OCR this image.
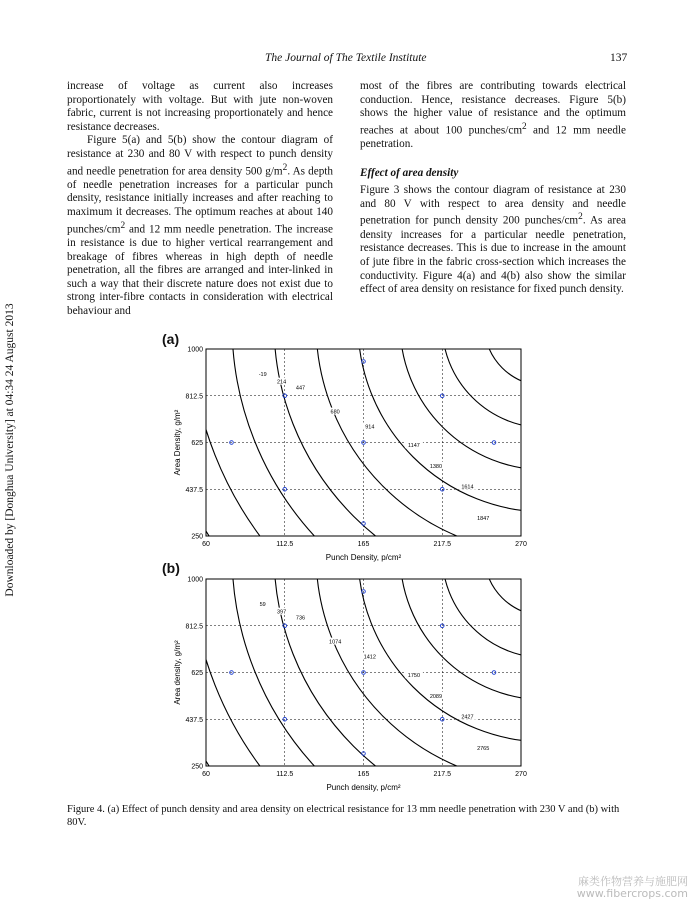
The Journal of The Textile Institute	137
Downloaded by [Donghua University] at 04:34 24 August 2013

increase of voltage as current also increases proportionately with voltage. But with jute non-woven fabric, current is not increasing proportionately and hence resistance decreases.

Figure 5(a) and 5(b) show the contour diagram of resistance at 230 and 80 V with respect to punch density and needle penetration for area density 500 $g/m^2$. As depth of needle penetration increases for a particular punch density, resistance initially increases and after reaching to maximum it decreases. The optimum reaches at about 140 punches/$cm^2$ and 12 mm needle penetration. The increase in resistance is due to higher vertical rearrangement and breakage of fibres whereas in high depth of needle penetration, all the fibres are arranged and inter-linked in such a way that their discrete nature does not exist due to strong inter-fibre contacts in consideration with electrical behaviour and

most of the fibres are contributing towards electrical conduction. Hence, resistance decreases. Figure 5(b) shows the higher value of resistance and the optimum reaches at about 100 punches/$cm^2$ and 12 mm needle penetration.

Effect of area density

Figure 3 shows the contour diagram of resistance at 230 and 80 V with respect to area density and needle penetration for punch density 200 punches/$cm^2$. As area density increases for a particular needle penetration, resistance decreases. This is due to increase in the amount of jute fibre in the fabric cross-section which increases the conductivity. Figure 4(a) and 4(b) also show the similar effect of area density on resistance for fixed punch density.

(a)
(b)
60	112.5	165	217.5	270
250
437.5
625
812.5
1000
-19
214
447
680
914
1147
1380
1614
1847
Punch Density, p/cm²
Area Density, g/m²
60	112.5	165	217.5	270
250
437.5
625
812.5
1000
59
397
736
1074
1412
1750
2089
2427
2765
Punch density, p/cm²
Area density, g/m²
Figure 4. (a) Effect of punch density and area density on electrical resistance for 13 mm needle penetration with 230 V and (b) with 80V.
麻类作物营养与施肥网
www.fibercrops.com
